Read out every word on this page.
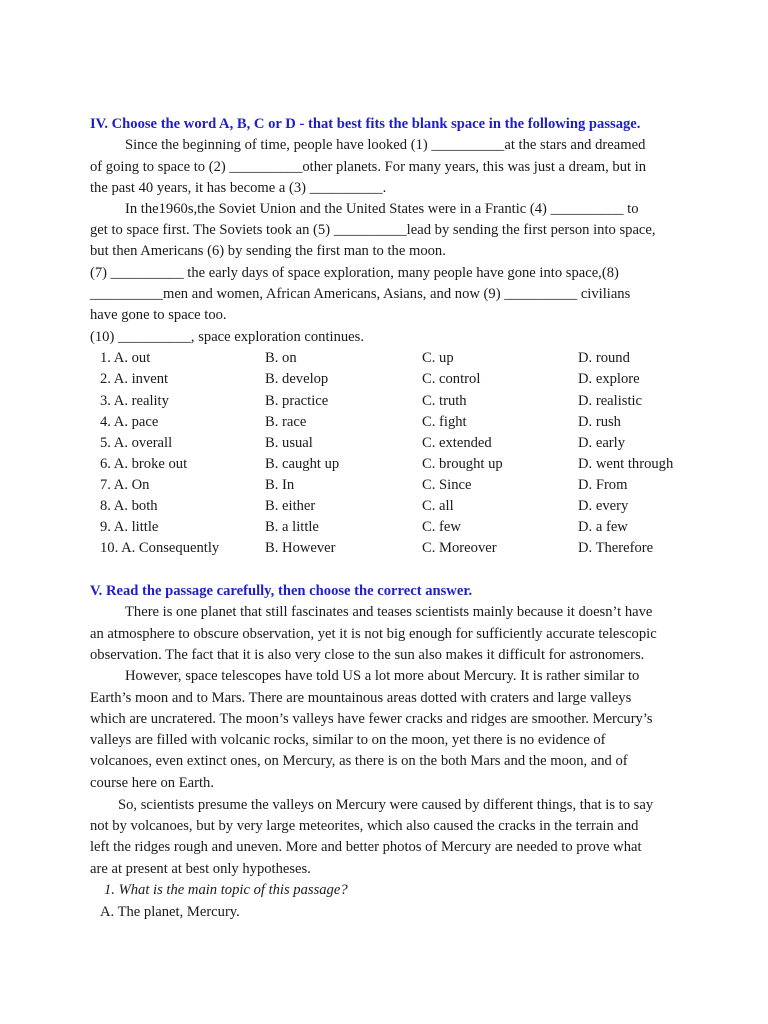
IV. Choose the word A, B, C or D - that best fits the blank space in the following passage.
Since the beginning of time, people have looked (1) __________at the stars and dreamed
of going to space to (2) __________other planets. For many years, this was just a dream, but in
the past 40 years, it has become a (3) __________.
In the1960s,the Soviet Union and the United States were in a Frantic (4) __________ to
get to space first. The Soviets took an (5) __________lead by sending the first person into space,
but then Americans (6) by sending the first man to the moon.
(7) __________ the early days of space exploration, many people have gone into space,(8)
__________men and women, African Americans, Asians, and now (9) __________ civilians
have gone to space too.
(10) __________, space exploration continues.
1. A. out	B. on	C. up	D. round
2. A. invent	B. develop	C. control	D. explore
3. A. reality	B. practice	C. truth	D. realistic
4. A. pace	B. race	C. fight	D. rush
5. A. overall	B. usual	C. extended	D. early
6. A. broke out	B. caught up	C. brought up	D. went through
7. A. On	B. In	C. Since	D. From
8. A. both	B. either	C. all	D. every
9. A. little	B. a little	C. few	D. a few
10. A. Consequently	B. However	C. Moreover	D. Therefore
V. Read the passage carefully, then choose the correct answer.
There is one planet that still fascinates and teases scientists mainly because it doesn’t have
an atmosphere to obscure observation, yet it is not big enough for sufficiently accurate telescopic
observation. The fact that it is also very close to the sun also makes it difficult for astronomers.
However, space telescopes have told US a lot more about Mercury. It is rather similar to
Earth’s moon and to Mars. There are mountainous areas dotted with craters and large valleys
which are uncratered. The moon’s valleys have fewer cracks and ridges are smoother. Mercury’s
valleys are filled with volcanic rocks, similar to on the moon, yet there is no evidence of
volcanoes, even extinct ones, on Mercury, as there is on the both Mars and the moon, and of
course here on Earth.
So, scientists presume the valleys on Mercury were caused by different things, that is to say
not by volcanoes, but by very large meteorites, which also caused the cracks in the terrain and
left the ridges rough and uneven. More and better photos of Mercury are needed to prove what
are at present at best only hypotheses.
1. What is the main topic of this passage?
A. The planet, Mercury.
